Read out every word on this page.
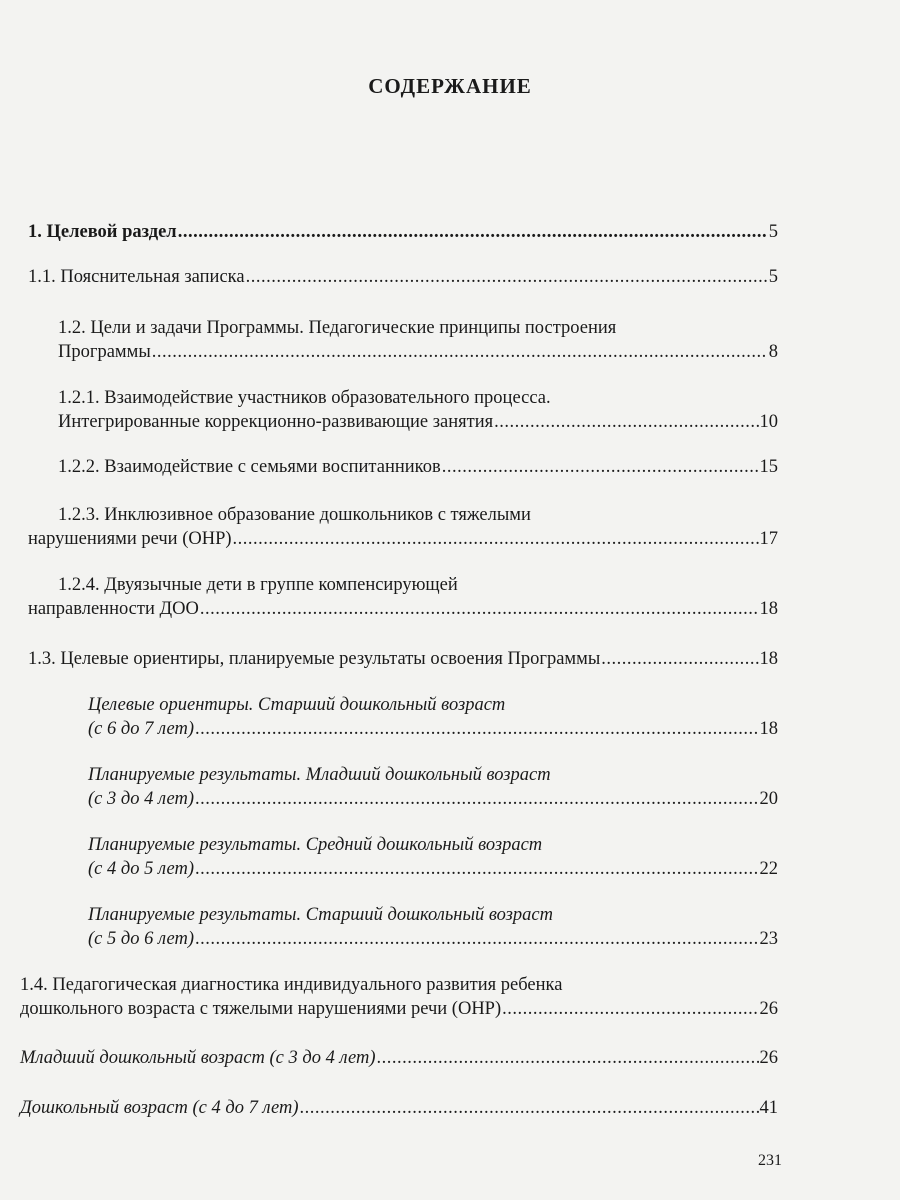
СОДЕРЖАНИЕ
1. Целевой раздел .....	5
1.1. Пояснительная записка .....	5
1.2. Цели и задачи Программы. Педагогические принципы построения
Программы .....	8
1.2.1. Взаимодействие участников образовательного процесса.
Интегрированные коррекционно-развивающие занятия .....	10
1.2.2. Взаимодействие с семьями воспитанников .....	15
1.2.3. Инклюзивное образование дошкольников с тяжелыми
нарушениями речи (ОНР) .....	17
1.2.4. Двуязычные дети в группе компенсирующей
направленности ДОО .....	18
1.3. Целевые ориентиры, планируемые результаты освоения Программы .....	18
Целевые ориентиры. Старший дошкольный возраст
(с 6 до 7 лет) .....	18
Планируемые результаты. Младший дошкольный возраст
(с 3 до 4 лет) .....	20
Планируемые результаты. Средний дошкольный возраст
(с 4 до 5 лет) .....	22
Планируемые результаты. Старший дошкольный возраст
(с 5 до 6 лет) .....	23
1.4. Педагогическая диагностика индивидуального развития ребенка
дошкольного возраста с тяжелыми нарушениями речи (ОНР) .....	26
Младший дошкольный возраст (с 3 до 4 лет) .....	26
Дошкольный возраст (с 4 до 7 лет) .....	41
231
